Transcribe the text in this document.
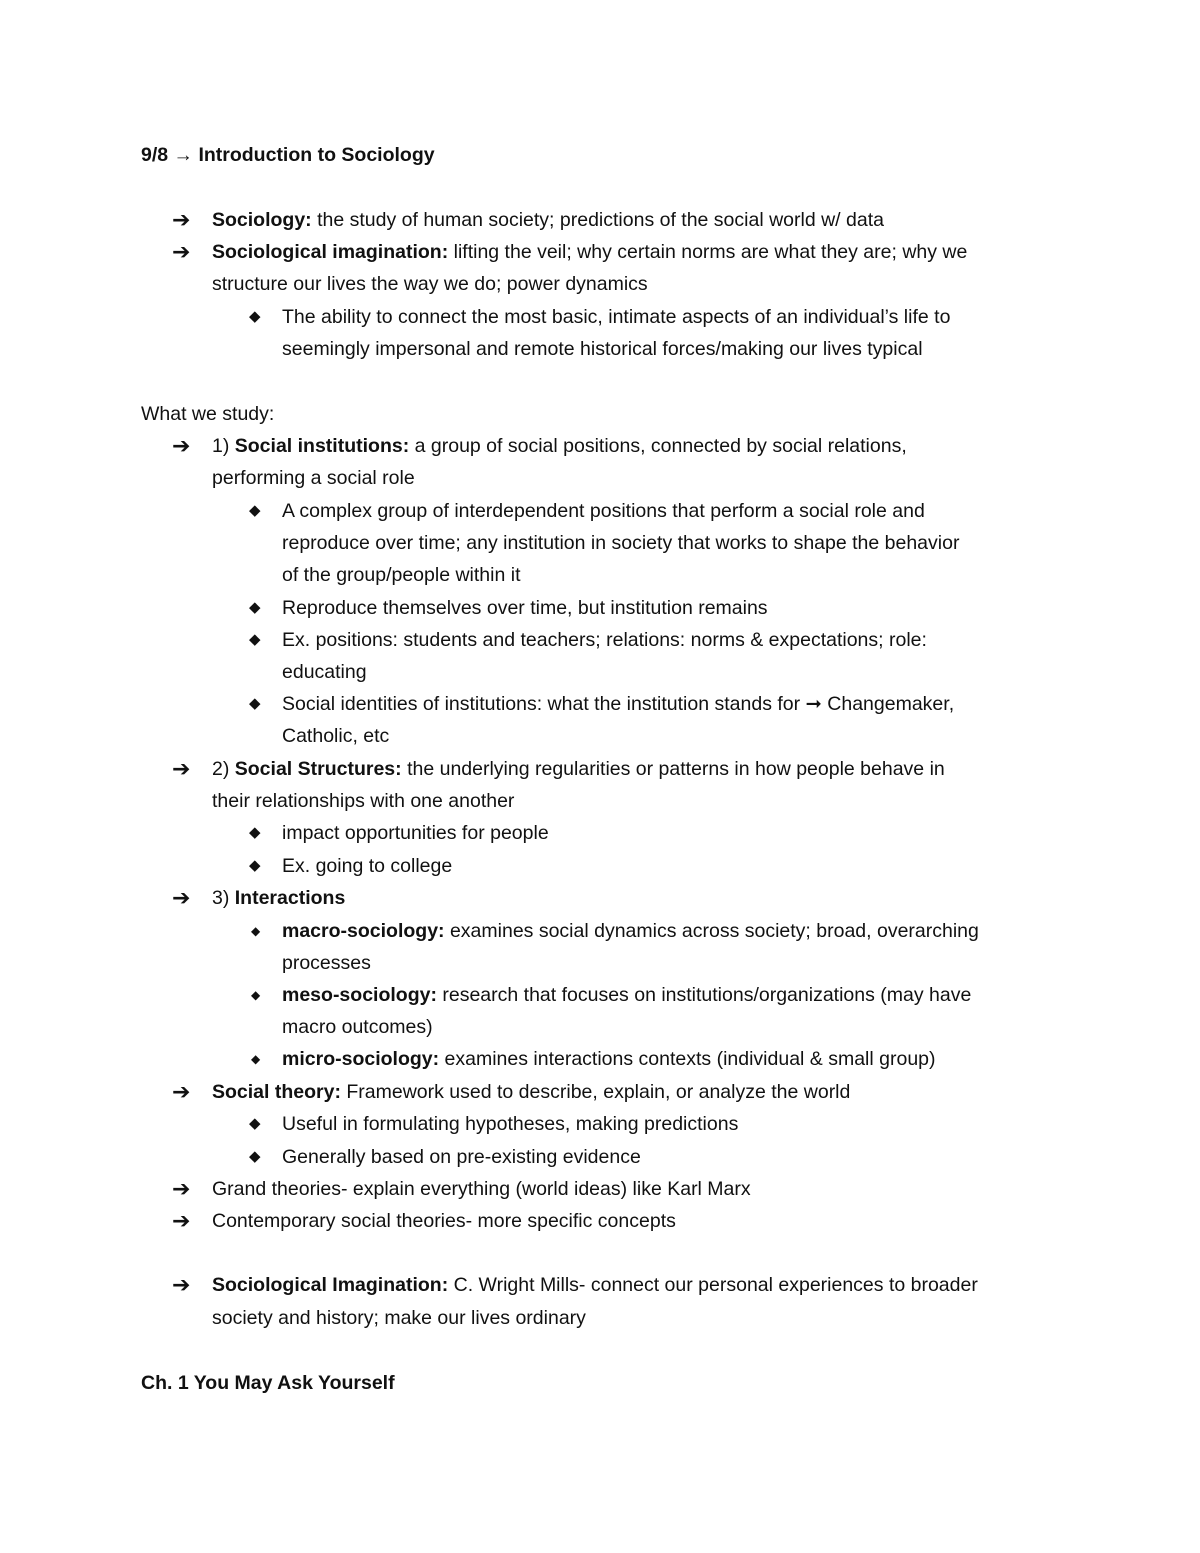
9/8 → Introduction to Sociology
➔ Sociology: the study of human society; predictions of the social world w/ data
➔ Sociological imagination: lifting the veil; why certain norms are what they are; why we
structure our lives the way we do; power dynamics
◆ The ability to connect the most basic, intimate aspects of an individual’s life to
seemingly impersonal and remote historical forces/making our lives typical
What we study:
➔ 1) Social institutions: a group of social positions, connected by social relations,
performing a social role
◆ A complex group of interdependent positions that perform a social role and
reproduce over time; any institution in society that works to shape the behavior
of the group/people within it
◆ Reproduce themselves over time, but institution remains
◆ Ex. positions: students and teachers; relations: norms & expectations; role:
educating
◆ Social identities of institutions: what the institution stands for ➞ Changemaker,
Catholic, etc
➔ 2) Social Structures: the underlying regularities or patterns in how people behave in
their relationships with one another
◆ impact opportunities for people
◆ Ex. going to college
➔ 3) Interactions
◆ macro-sociology: examines social dynamics across society; broad, overarching
processes
◆ meso-sociology: research that focuses on institutions/organizations (may have
macro outcomes)
◆ micro-sociology: examines interactions contexts (individual & small group)
➔ Social theory: Framework used to describe, explain, or analyze the world
◆ Useful in formulating hypotheses, making predictions
◆ Generally based on pre-existing evidence
➔ Grand theories- explain everything (world ideas) like Karl Marx
➔ Contemporary social theories- more specific concepts
➔ Sociological Imagination: C. Wright Mills- connect our personal experiences to broader
society and history; make our lives ordinary
Ch. 1 You May Ask Yourself
